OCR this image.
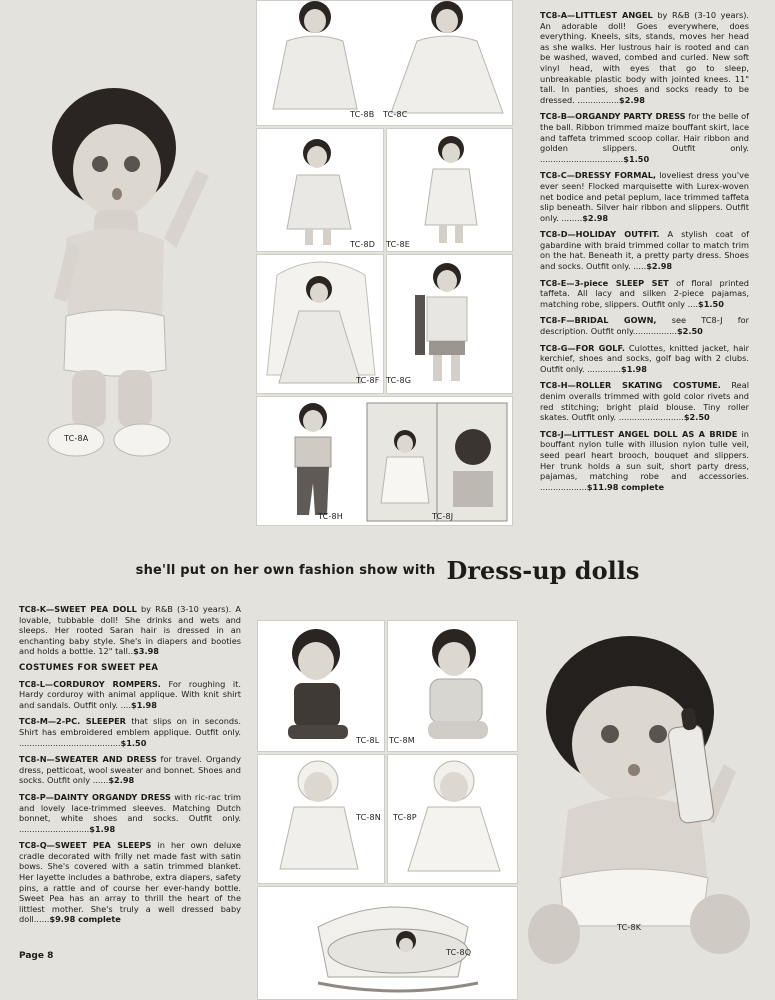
TC-8A
TC-8B TC-8C
TC-8D TC-8E
TC-8F TC-8G
TC-8H	TC-8J

TC8-A—LITTLEST ANGEL by R&B (3-10 years). An adorable doll! Goes everywhere, does everything. Kneels, sits, stands, moves her head as she walks. Her lustrous hair is rooted and can be washed, waved, combed and curled. New soft vinyl head, with eyes that go to sleep, unbreakable plastic body with jointed knees. 11" tall. In panties, shoes and socks ready to be dressed. ................$2.98

TC8-B—ORGANDY PARTY DRESS for the belle of the ball. Ribbon trimmed maize bouffant skirt, lace and taffeta trimmed scoop collar. Hair ribbon and golden slippers. Outfit only. ................................$1.50

TC8-C—DRESSY FORMAL, loveliest dress you've ever seen! Flocked marquisette with Lurex-woven net bodice and petal peplum, lace trimmed taffeta slip beneath. Silver hair ribbon and slippers. Outfit only. ........$2.98

TC8-D—HOLIDAY OUTFIT. A stylish coat of gabardine with braid trimmed collar to match trim on the hat. Beneath it, a pretty party dress. Shoes and socks. Outfit only. .....$2.98

TC8-E—3-piece SLEEP SET of floral printed taffeta. All lacy and silken 2-piece pajamas, matching robe, slippers. Outfit only ....$1.50

TC8-F—BRIDAL GOWN, see TC8-J for description. Outfit only.................$2.50

TC8-G—FOR GOLF. Culottes, knitted jacket, hair kerchief, shoes and socks, golf bag with 2 clubs. Outfit only. .............$1.98

TC8-H—ROLLER SKATING COSTUME. Real denim overalls trimmed with gold color rivets and red stitching; bright plaid blouse. Tiny roller skates. Outfit only. .........................$2.50

TC8-J—LITTLEST ANGEL DOLL AS A BRIDE in bouffant nylon tulle with illusion nylon tulle veil, seed pearl heart brooch, bouquet and slippers. Her trunk holds a sun suit, short party dress, pajamas, matching robe and accessories. ..................$11.98 complete

she'll put on her own fashion show with Dress-up dolls

TC8-K—SWEET PEA DOLL by R&B (3-10 years). A lovable, tubbable doll! She drinks and wets and sleeps. Her rooted Saran hair is dressed in an enchanting baby style. She's in diapers and booties and holds a bottle. 12" tall..$3.98

COSTUMES FOR SWEET PEA

TC8-L—CORDUROY ROMPERS. For roughing it. Hardy corduroy with animal applique. With knit shirt and sandals. Outfit only. ....$1.98

TC8-M—2-PC. SLEEPER that slips on in seconds. Shirt has embroidered emblem applique. Outfit only. .......................................$1.50

TC8-N—SWEATER AND DRESS for travel. Organdy dress, petticoat, wool sweater and bonnet. Shoes and socks. Outfit only ......$2.98

TC8-P—DAINTY ORGANDY DRESS with ric-rac trim and lovely lace-trimmed sleeves. Matching Dutch bonnet, white shoes and socks. Outfit only. ...........................$1.98

TC8-Q—SWEET PEA SLEEPS in her own deluxe cradle decorated with frilly net made fast with satin bows. She's covered with a satin trimmed blanket. Her layette includes a bathrobe, extra diapers, safety pins, a rattle and of course her ever-handy bottle. Sweet Pea has an array to thrill the heart of the littlest mother. She's truly a well dressed baby doll......$9.98 complete

TC-8L TC-8M
TC-8N TC-8P
TC-8Q
TC-8K
Page 8
